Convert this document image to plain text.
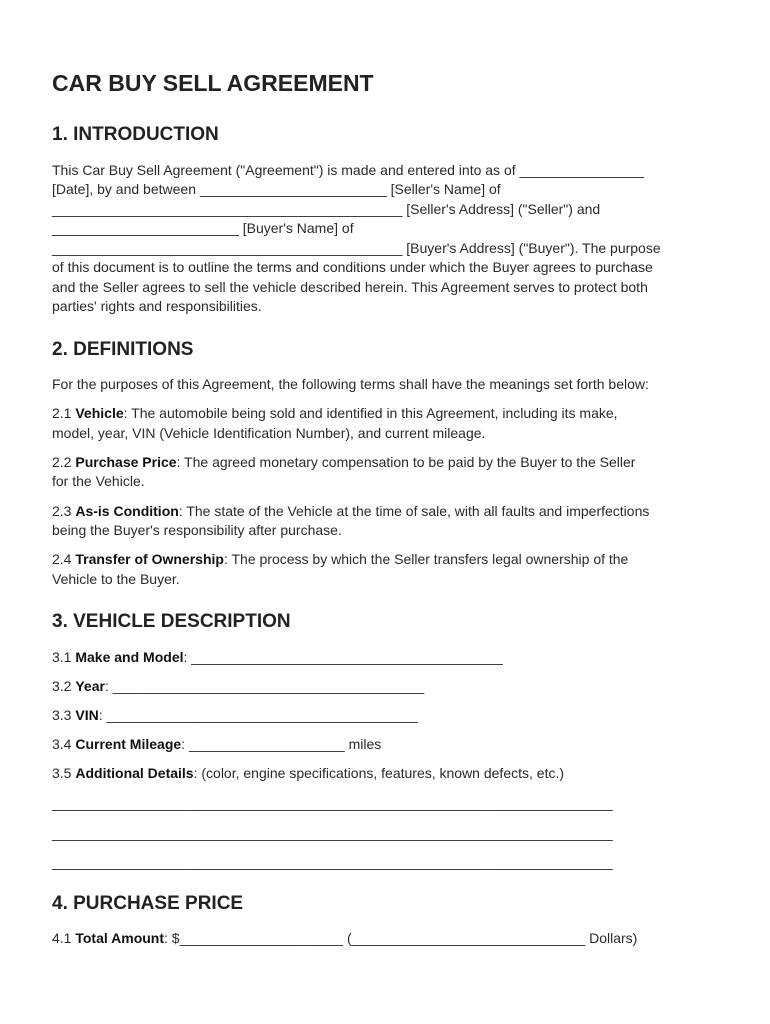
CAR BUY SELL AGREEMENT
1. INTRODUCTION
This Car Buy Sell Agreement ("Agreement") is made and entered into as of ________________
[Date], by and between ________________________ [Seller's Name] of
_____________________________________________ [Seller's Address] ("Seller") and
________________________ [Buyer's Name] of
_____________________________________________ [Buyer's Address] ("Buyer"). The purpose
of this document is to outline the terms and conditions under which the Buyer agrees to purchase
and the Seller agrees to sell the vehicle described herein. This Agreement serves to protect both
parties' rights and responsibilities.
2. DEFINITIONS
For the purposes of this Agreement, the following terms shall have the meanings set forth below:
2.1 Vehicle: The automobile being sold and identified in this Agreement, including its make,
model, year, VIN (Vehicle Identification Number), and current mileage.
2.2 Purchase Price: The agreed monetary compensation to be paid by the Buyer to the Seller
for the Vehicle.
2.3 As-is Condition: The state of the Vehicle at the time of sale, with all faults and imperfections
being the Buyer's responsibility after purchase.
2.4 Transfer of Ownership: The process by which the Seller transfers legal ownership of the
Vehicle to the Buyer.
3. VEHICLE DESCRIPTION
3.1 Make and Model: ________________________________________
3.2 Year: ________________________________________
3.3 VIN: ________________________________________
3.4 Current Mileage: ____________________ miles
3.5 Additional Details: (color, engine specifications, features, known defects, etc.)
________________________________________________________________________
________________________________________________________________________
________________________________________________________________________
4. PURCHASE PRICE
4.1 Total Amount: $_____________________ (______________________________ Dollars)
